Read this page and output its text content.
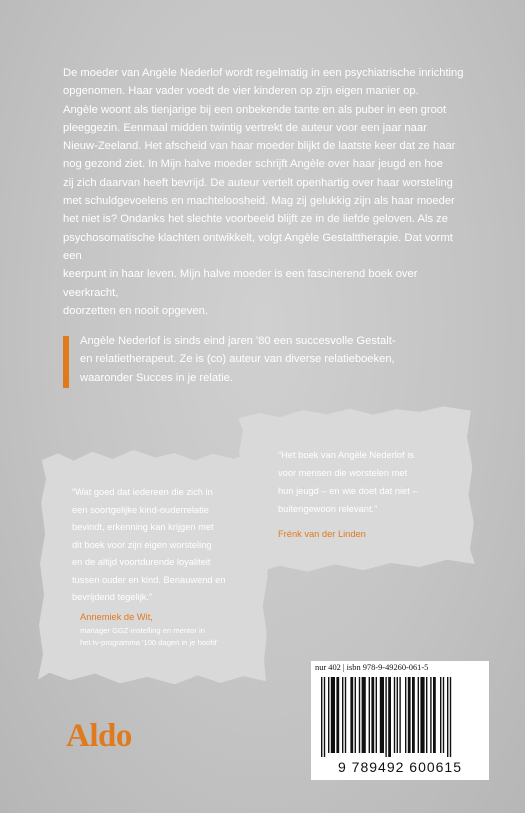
De moeder van Angèle Nederlof wordt regelmatig in een psychiatrische inrichting
opgenomen. Haar vader voedt de vier kinderen op zijn eigen manier op.
Angèle woont als tienjarige bij een onbekende tante en als puber in een groot
pleeggezin. Eenmaal midden twintig vertrekt de auteur voor een jaar naar
Nieuw-Zeeland. Het afscheid van haar moeder blijkt de laatste keer dat ze haar
nog gezond ziet. In Mijn halve moeder schrijft Angèle over haar jeugd en hoe
zij zich daarvan heeft bevrijd. De auteur vertelt openhartig over haar worsteling
met schuldgevoelens en machteloosheid. Mag zij gelukkig zijn als haar moeder
het niet is? Ondanks het slechte voorbeeld blijft ze in de liefde geloven. Als ze
psychosomatische klachten ontwikkelt, volgt Angèle Gestalttherapie. Dat vormt een
keerpunt in haar leven. Mijn halve moeder is een fascinerend boek over veerkracht,
doorzetten en nooit opgeven.
Angèle Nederlof is sinds eind jaren '80 een succesvolle Gestalt-
en relatietherapeut. Ze is (co) auteur van diverse relatieboeken,
waaronder Succes in je relatie.
“Wat goed dat iedereen die zich in
een soortgelijke kind-ouderrelatie
bevindt, erkenning kan krijgen met
dit boek voor zijn eigen worsteling
en de altijd voortdurende loyaliteit
tussen ouder en kind. Benauwend en
bevrijdend tegelijk.”
Annemiek de Wit,
manager GGZ-instelling en mentor in
het tv-programma '100 dagen in je hoofd'
“Het boek van Angèle Nederlof is
voor mensen die worstelen met
hun jeugd – en wie doet dat niet –
buitengewoon relevant.”
Frénk van der Linden
nur 402 | isbn 978-9-49260-061-5
9 789492 600615
Aldo
